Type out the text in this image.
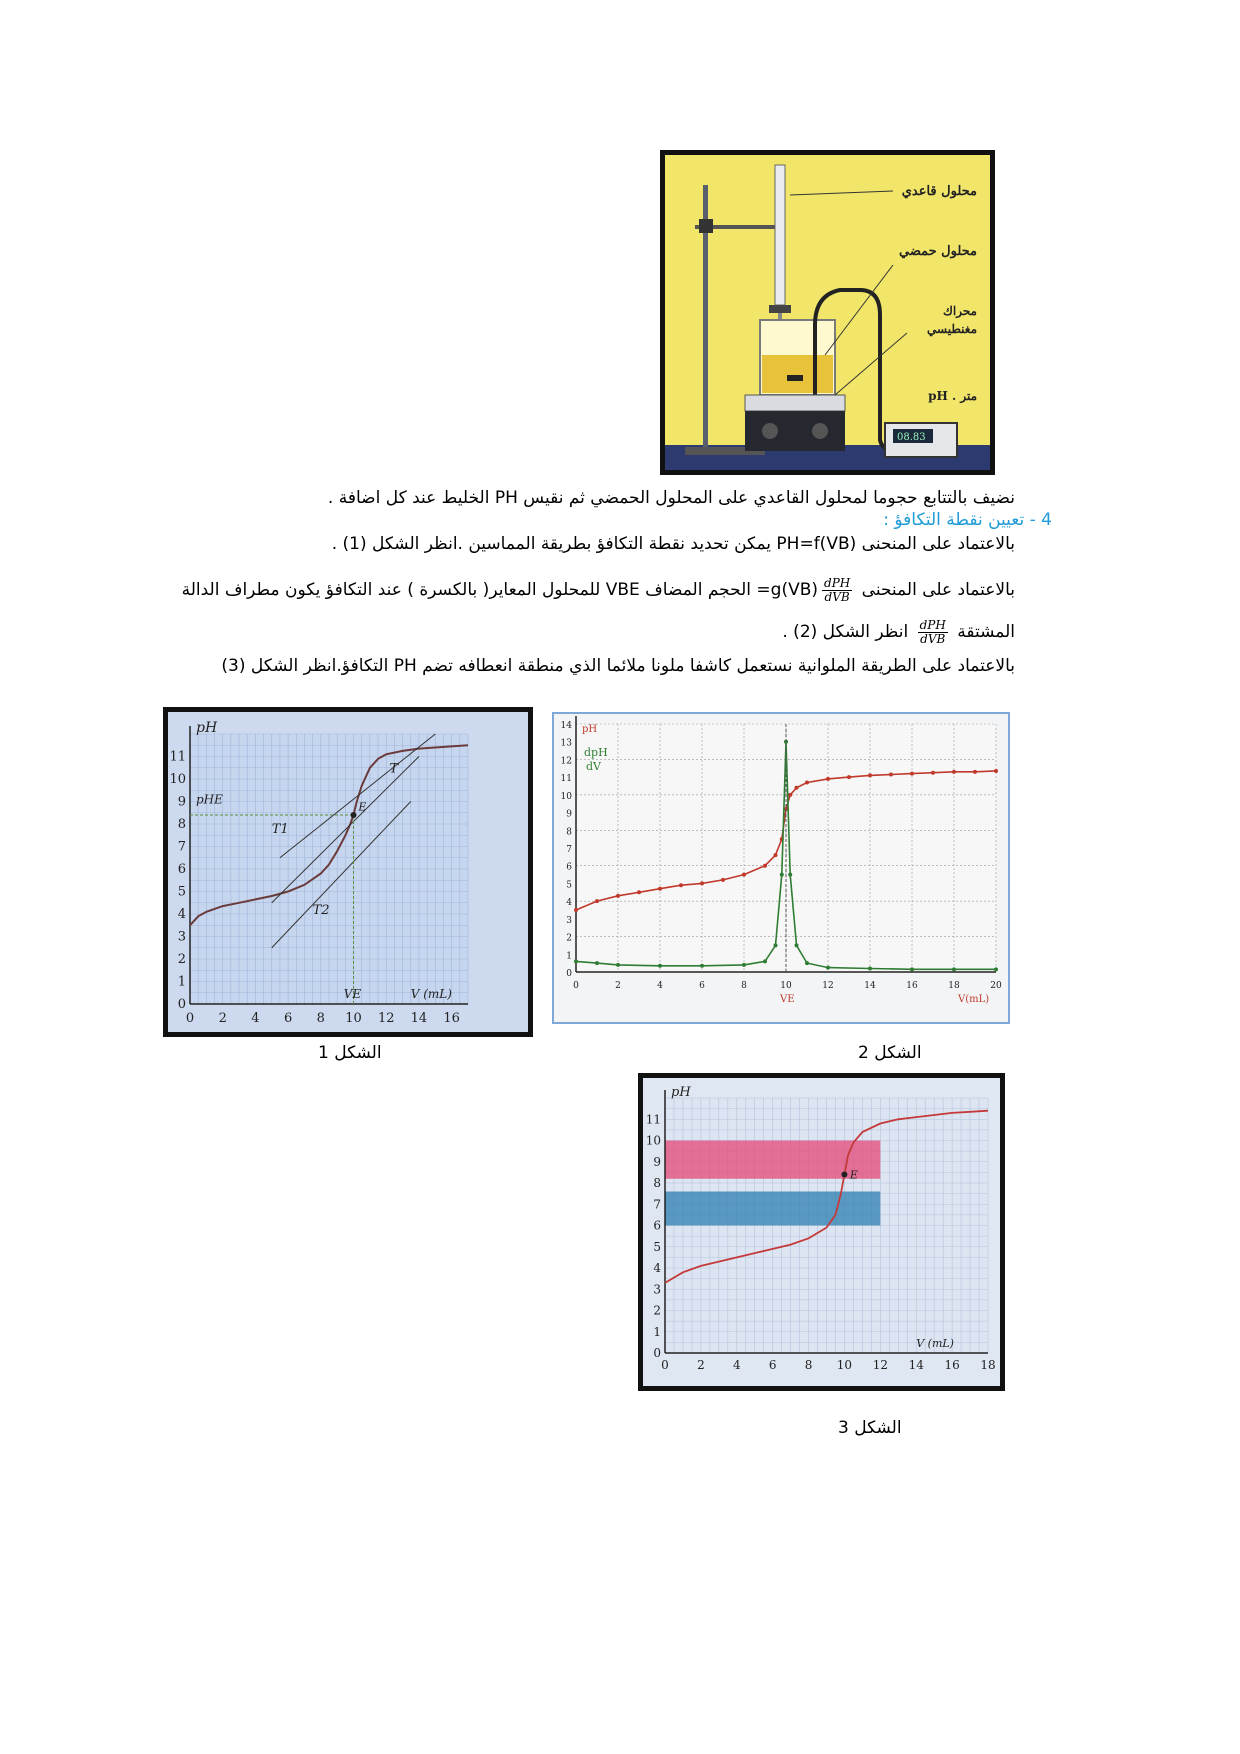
08.83
محلول قاعدي
محلول حمضي
محراك
مغنطيسي
pH . متر
نضيف بالتتابع حجوما لمحلول القاعدي على المحلول الحمضي ثم نقيس PH الخليط عند كل اضافة .
4 - تعيين نقطة التكافؤ :
بالاعتماد على المنحنى PH=f(VB) يمكن تحديد نقطة التكافؤ بطريقة المماسين .انظر الشكل (1) .
بالاعتماد على المنحنى
$\frac{\text{dPH}}{\text{dVB}}$
=g(VB) الحجم المضاف VBE للمحلول المعاير( بالكسرة ) عند التكافؤ يكون مطراف الدالة
المشتقة
$\frac{\text{dPH}}{\text{dVB}}$
انظر الشكل (2) .
بالاعتماد على الطريقة الملوانية نستعمل كاشفا ملونا ملائما الذي منطقة انعطافه تضم PH التكافؤ.انظر الشكل (3)
0 2 4 6 8 10 12 14 16
0
1
2
3
4
5
6
7
8
9
10
11
pH
pHE
T
T1
T2
E
VE	V (mL)
0	2	4	6	8	10	12	14	16	18	20
0
1
2
3
4
5
6
7
8
9
10
11
12
13
14 pH
dpH
dV
VE	V(mL)
الشكل 1	الشكل 2
0 2 4 6 8 10 12 14 16 18
0
1
2
3
4
5
6
7
8
9
10
11
pH
E
V (mL)
الشكل 3
